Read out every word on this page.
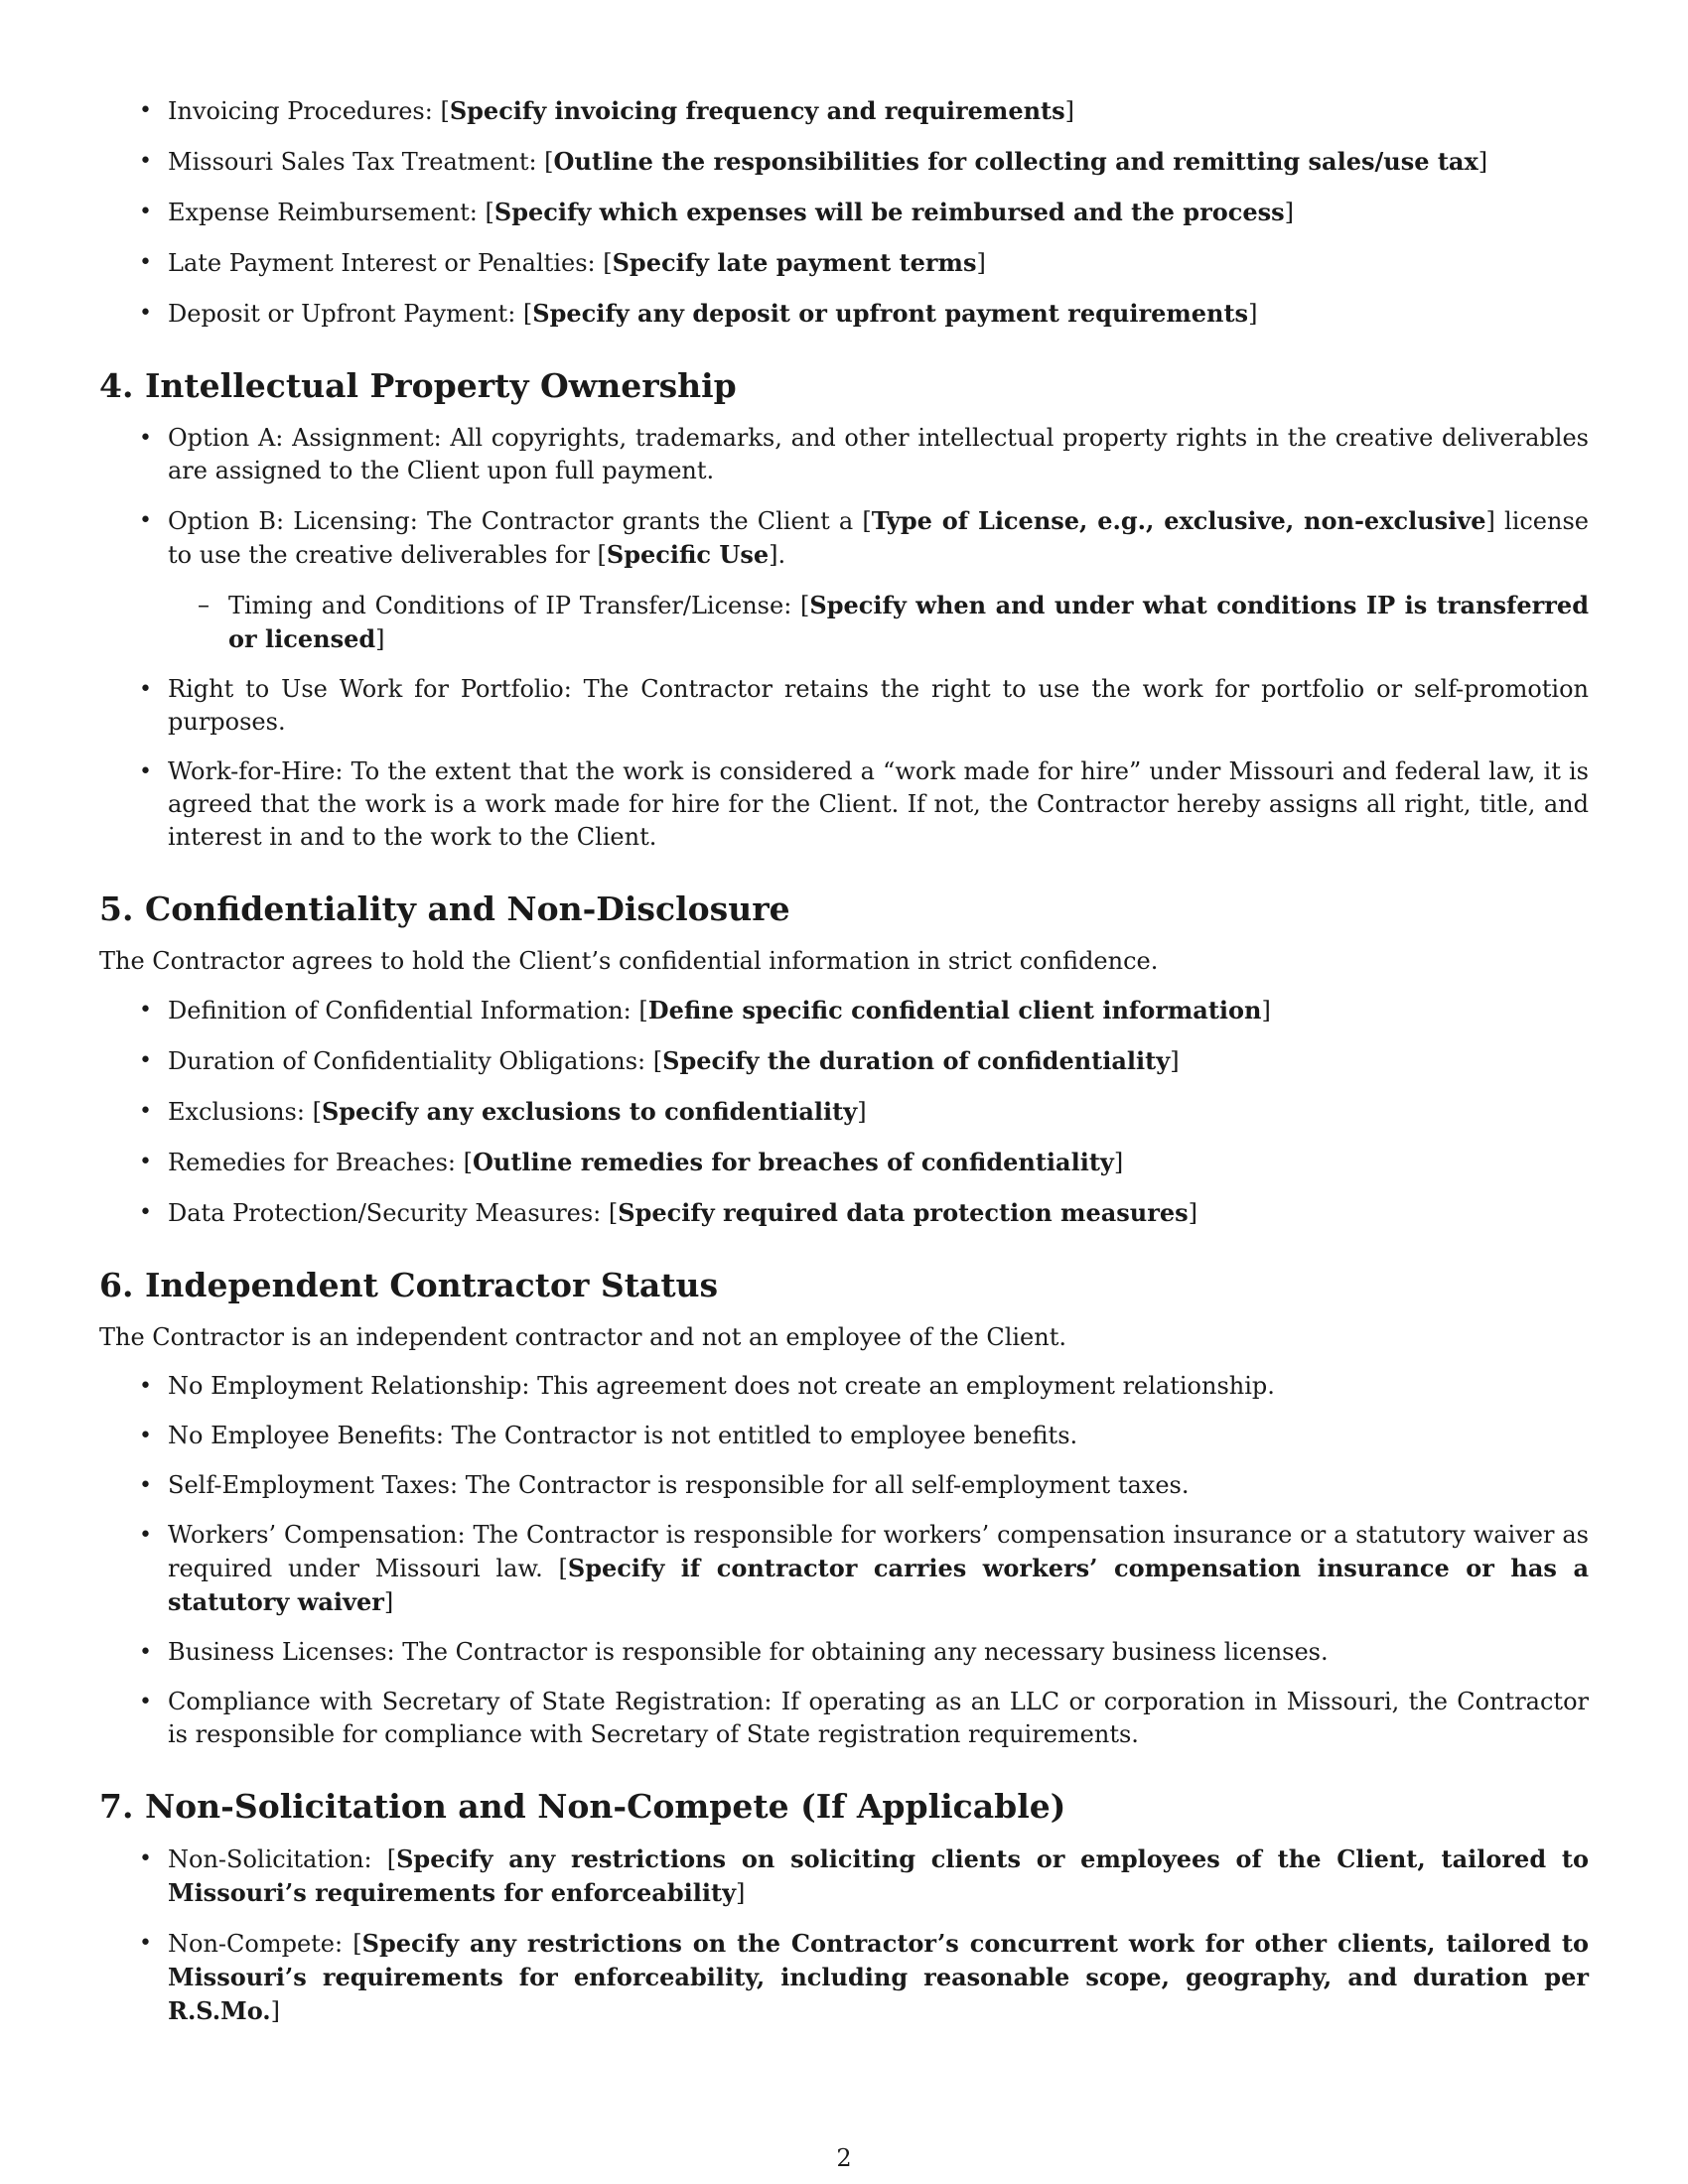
• Invoicing Procedures: [Specify invoicing frequency and requirements]
• Missouri Sales Tax Treatment: [Outline the responsibilities for collecting and remitting sales/use tax]
• Expense Reimbursement: [Specify which expenses will be reimbursed and the process]
• Late Payment Interest or Penalties: [Specify late payment terms]
• Deposit or Upfront Payment: [Specify any deposit or upfront payment requirements]
4. Intellectual Property Ownership
• Option A: Assignment: All copyrights, trademarks, and other intellectual property rights in the creative deliverables are assigned to the Client upon full payment.
• Option B: Licensing: The Contractor grants the Client a [Type of License, e.g., exclusive, non-exclusive] license to use the creative deliverables for [Specific Use].
– Timing and Conditions of IP Transfer/License: [Specify when and under what conditions IP is transferred or licensed]
• Right to Use Work for Portfolio: The Contractor retains the right to use the work for portfolio or self-promotion purposes.
• Work-for-Hire: To the extent that the work is considered a “work made for hire” under Missouri and federal law, it is agreed that the work is a work made for hire for the Client. If not, the Contractor hereby assigns all right, title, and interest in and to the work to the Client.
5. Confidentiality and Non-Disclosure

The Contractor agrees to hold the Client’s confidential information in strict confidence.

• Definition of Confidential Information: [Define specific confidential client information]
• Duration of Confidentiality Obligations: [Specify the duration of confidentiality]
• Exclusions: [Specify any exclusions to confidentiality]
• Remedies for Breaches: [Outline remedies for breaches of confidentiality]
• Data Protection/Security Measures: [Specify required data protection measures]
6. Independent Contractor Status

The Contractor is an independent contractor and not an employee of the Client.

• No Employment Relationship: This agreement does not create an employment relationship.
• No Employee Benefits: The Contractor is not entitled to employee benefits.
• Self-Employment Taxes: The Contractor is responsible for all self-employment taxes.
• Workers’ Compensation: The Contractor is responsible for workers’ compensation insurance or a statutory waiver as required under Missouri law. [Specify if contractor carries workers’ compensation insurance or has a statutory waiver]
• Business Licenses: The Contractor is responsible for obtaining any necessary business licenses.
• Compliance with Secretary of State Registration: If operating as an LLC or corporation in Missouri, the Contractor is responsible for compliance with Secretary of State registration requirements.
7. Non-Solicitation and Non-Compete (If Applicable)
• Non-Solicitation: [Specify any restrictions on soliciting clients or employees of the Client, tailored to Missouri’s requirements for enforceability]
• Non-Compete: [Specify any restrictions on the Contractor’s concurrent work for other clients, tailored to Missouri’s requirements for enforceability, including reasonable scope, geography, and duration per R.S.Mo.]
2
